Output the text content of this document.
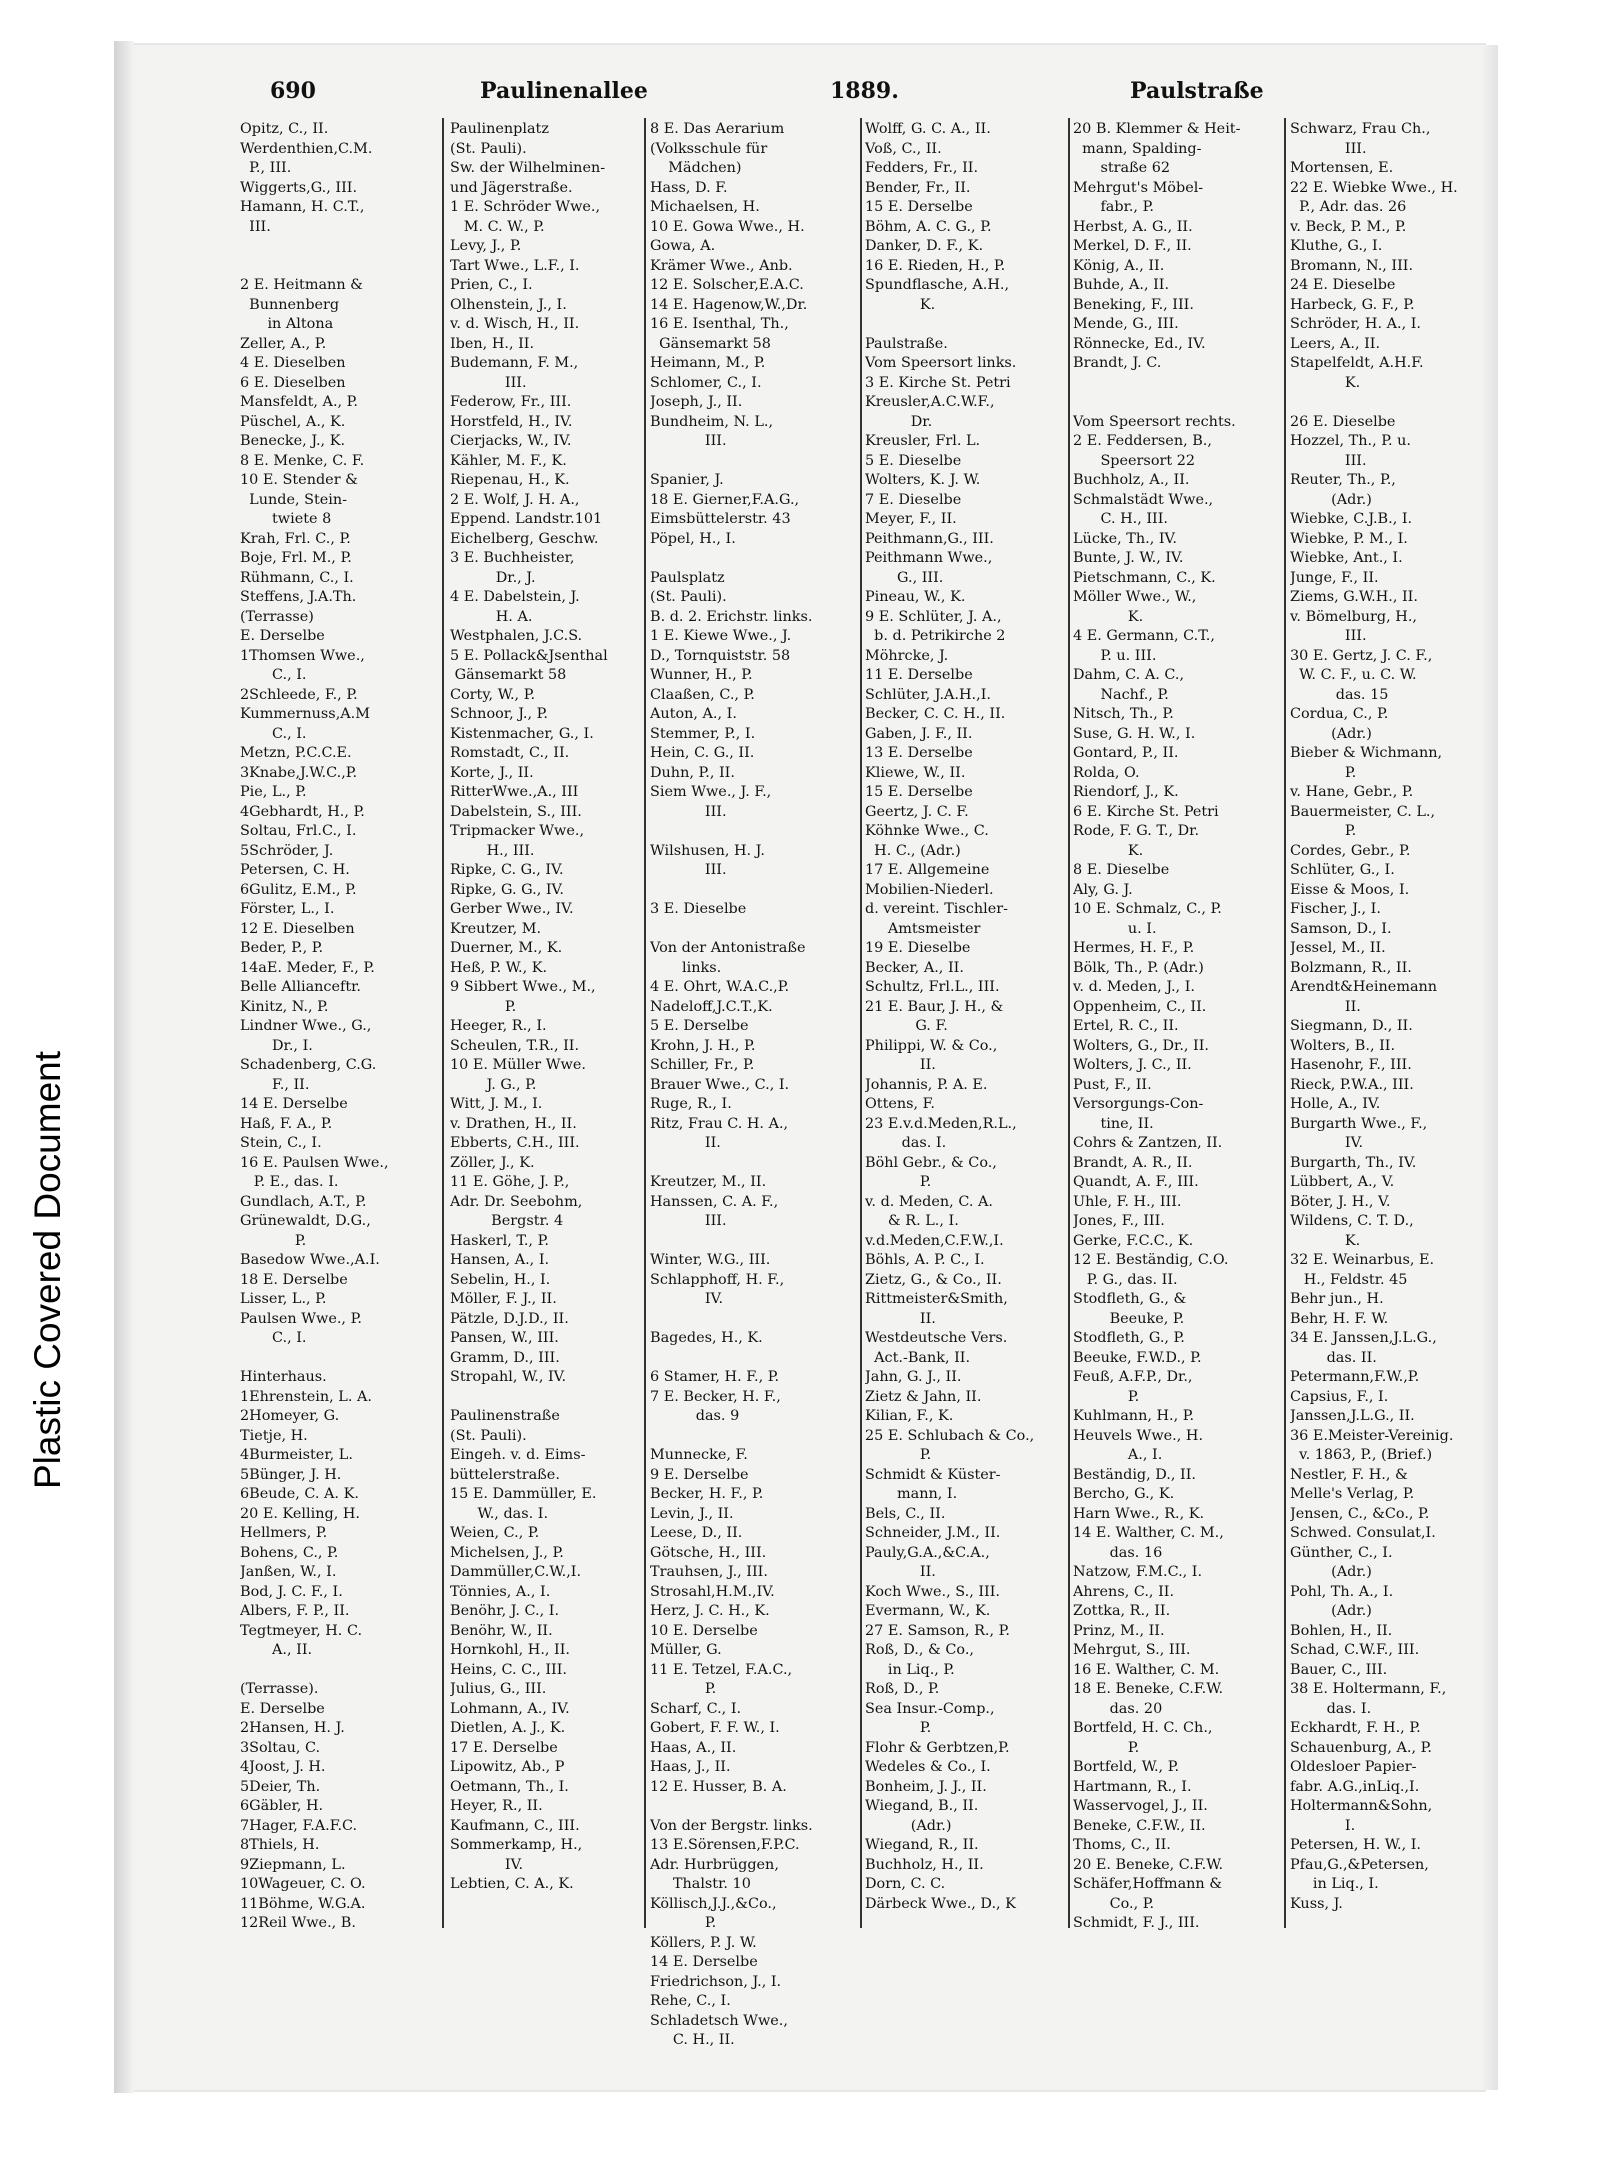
Plastic Covered Document
690	Paulinenallee	1889.	Paulstraße
Opitz, C., II.
Werdenthien,C.M.
P., III.
Wiggerts,G., III.
Hamann, H. C.T.,
III.
2 E. Heitmann &
Bunnenberg
in Altona
Zeller, A., P.
4 E. Dieselben
6 E. Dieselben
Mansfeldt, A., P.
Püschel, A., K.
Benecke, J., K.
8 E. Menke, C. F.
10 E. Stender &
Lunde, Stein-
twiete 8
Krah, Frl. C., P.
Boje, Frl. M., P.
Rühmann, C., I.
Steffens, J.A.Th.
(Terrasse)
E. Derselbe
1Thomsen Wwe.,
C., I.
2Schleede, F., P.
Kummernuss,A.M
C., I.
Metzn, P.C.C.E.
3Knabe,J.W.C.,P.
Pie, L., P.
4Gebhardt, H., P.
Soltau, Frl.C., I.
5Schröder, J.
Petersen, C. H.
6Gulitz, E.M., P.
Förster, L., I.
12 E. Dieselben
Beder, P., P.
14aE. Meder, F., P.
Belle Allianceftr.
Kinitz, N., P.
Lindner Wwe., G.,
Dr., I.
Schadenberg, C.G.
F., II.
14 E. Derselbe
Haß, F. A., P.
Stein, C., I.
16 E. Paulsen Wwe.,
P. E., das. I.
Gundlach, A.T., P.
Grünewaldt, D.G.,
P.
Basedow Wwe.,A.I.
18 E. Derselbe
Lisser, L., P.
Paulsen Wwe., P.
C., I.
Hinterhaus.
1Ehrenstein, L. A.
2Homeyer, G.
Tietje, H.
4Burmeister, L.
5Bünger, J. H.
6Beude, C. A. K.
20 E. Kelling, H.
Hellmers, P.
Bohens, C., P.
Janßen, W., I.
Bod, J. C. F., I.
Albers, F. P., II.
Tegtmeyer, H. C.
A., II.
(Terrasse).
E. Derselbe
2Hansen, H. J.
3Soltau, C.
4Joost, J. H.
5Deier, Th.
6Gäbler, H.
7Hager, F.A.F.C.
8Thiels, H.
9Ziepmann, L.
10Wageuer, C. O.
11Böhme, W.G.A.
12Reil Wwe., B.
Paulinenplatz
(St. Pauli).
Sw. der Wilhelminen-
und Jägerstraße.
1 E. Schröder Wwe.,
M. C. W., P.
Levy, J., P.
Tart Wwe., L.F., I.
Prien, C., I.
Olhenstein, J., I.
v. d. Wisch, H., II.
Iben, H., II.
Budemann, F. M.,
III.
Federow, Fr., III.
Horstfeld, H., IV.
Cierjacks, W., IV.
Kähler, M. F., K.
Riepenau, H., K.
2 E. Wolf, J. H. A.,
Eppend. Landstr.101
Eichelberg, Geschw.
3 E. Buchheister,
Dr., J.
4 E. Dabelstein, J.
H. A.
Westphalen, J.C.S.
5 E. Pollack&Jsenthal
Gänsemarkt 58
Corty, W., P.
Schnoor, J., P.
Kistenmacher, G., I.
Romstadt, C., II.
Korte, J., II.
RitterWwe.,A., III
Dabelstein, S., III.
Tripmacker Wwe.,
H., III.
Ripke, C. G., IV.
Ripke, G. G., IV.
Gerber Wwe., IV.
Kreutzer, M.
Duerner, M., K.
Heß, P. W., K.
9 Sibbert Wwe., M.,
P.
Heeger, R., I.
Scheulen, T.R., II.
10 E. Müller Wwe.
J. G., P.
Witt, J. M., I.
v. Drathen, H., II.
Ebberts, C.H., III.
Zöller, J., K.
11 E. Göhe, J. P.,
Adr. Dr. Seebohm,
Bergstr. 4
Haskerl, T., P.
Hansen, A., I.
Sebelin, H., I.
Möller, F. J., II.
Pätzle, D.J.D., II.
Pansen, W., III.
Gramm, D., III.
Stropahl, W., IV.
Paulinenstraße
(St. Pauli).
Eingeh. v. d. Eims-
büttelerstraße.
15 E. Dammüller, E.
W., das. I.
Weien, C., P.
Michelsen, J., P.
Dammüller,C.W.,I.
Tönnies, A., I.
Benöhr, J. C., I.
Benöhr, W., II.
Hornkohl, H., II.
Heins, C. C., III.
Julius, G., III.
Lohmann, A., IV.
Dietlen, A. J., K.
17 E. Derselbe
Lipowitz, Ab., P
Oetmann, Th., I.
Heyer, R., II.
Kaufmann, C., III.
Sommerkamp, H.,
IV.
Lebtien, C. A., K.
8 E. Das Aerarium
(Volksschule für
Mädchen)
Hass, D. F.
Michaelsen, H.
10 E. Gowa Wwe., H.
Gowa, A.
Krämer Wwe., Anb.
12 E. Solscher,E.A.C.
14 E. Hagenow,W.,Dr.
16 E. Isenthal, Th.,
Gänsemarkt 58
Heimann, M., P.
Schlomer, C., I.
Joseph, J., II.
Bundheim, N. L.,
III.
Spanier, J.
18 E. Gierner,F.A.G.,
Eimsbüttelerstr. 43
Pöpel, H., I.
Paulsplatz
(St. Pauli).
B. d. 2. Erichstr. links.
1 E. Kiewe Wwe., J.
D., Tornquiststr. 58
Wunner, H., P.
Claaßen, C., P.
Auton, A., I.
Stemmer, P., I.
Hein, C. G., II.
Duhn, P., II.
Siem Wwe., J. F.,
III.
Wilshusen, H. J.
III.
3 E. Dieselbe
Von der Antonistraße
links.
4 E. Ohrt, W.A.C.,P.
Nadeloff,J.C.T.,K.
5 E. Derselbe
Krohn, J. H., P.
Schiller, Fr., P.
Brauer Wwe., C., I.
Ruge, R., I.
Ritz, Frau C. H. A.,
II.
Kreutzer, M., II.
Hanssen, C. A. F.,
III.
Winter, W.G., III.
Schlapphoff, H. F.,
IV.
Bagedes, H., K.
6 Stamer, H. F., P.
7 E. Becker, H. F.,
das. 9
Munnecke, F.
9 E. Derselbe
Becker, H. F., P.
Levin, J., II.
Leese, D., II.
Götsche, H., III.
Trauhsen, J., III.
Strosahl,H.M.,IV.
Herz, J. C. H., K.
10 E. Derselbe
Müller, G.
11 E. Tetzel, F.A.C.,
P.
Scharf, C., I.
Gobert, F. F. W., I.
Haas, A., II.
Haas, J., II.
12 E. Husser, B. A.
Von der Bergstr. links.
13 E.Sörensen,F.P.C.
Adr. Hurbrüggen,
Thalstr. 10
Köllisch,J.J.,&Co.,
P.
Köllers, P. J. W.
14 E. Derselbe
Friedrichson, J., I.
Rehe, C., I.
Schladetsch Wwe.,
C. H., II.
Wolff, G. C. A., II.
Voß, C., II.
Fedders, Fr., II.
Bender, Fr., II.
15 E. Derselbe
Böhm, A. C. G., P.
Danker, D. F., K.
16 E. Rieden, H., P.
Spundflasche, A.H.,
K.
Paulstraße.
Vom Speersort links.
3 E. Kirche St. Petri
Kreusler,A.C.W.F.,
Dr.
Kreusler, Frl. L.
5 E. Dieselbe
Wolters, K. J. W.
7 E. Dieselbe
Meyer, F., II.
Peithmann,G., III.
Peithmann Wwe.,
G., III.
Pineau, W., K.
9 E. Schlüter, J. A.,
b. d. Petrikirche 2
Möhrcke, J.
11 E. Derselbe
Schlüter, J.A.H.,I.
Becker, C. C. H., II.
Gaben, J. F., II.
13 E. Derselbe
Kliewe, W., II.
15 E. Derselbe
Geertz, J. C. F.
Köhnke Wwe., C.
H. C., (Adr.)
17 E. Allgemeine
Mobilien-Niederl.
d. vereint. Tischler-
Amtsmeister
19 E. Dieselbe
Becker, A., II.
Schultz, Frl.L., III.
21 E. Baur, J. H., &
G. F.
Philippi, W. & Co.,
II.
Johannis, P. A. E.
Ottens, F.
23 E.v.d.Meden,R.L.,
das. I.
Böhl Gebr., & Co.,
P.
v. d. Meden, C. A.
& R. L., I.
v.d.Meden,C.F.W.,I.
Böhls, A. P. C., I.
Zietz, G., & Co., II.
Rittmeister&Smith,
II.
Westdeutsche Vers.
Act.-Bank, II.
Jahn, G. J., II.
Zietz & Jahn, II.
Kilian, F., K.
25 E. Schlubach & Co.,
P.
Schmidt & Küster-
mann, I.
Bels, C., II.
Schneider, J.M., II.
Pauly,G.A.,&C.A.,
II.
Koch Wwe., S., III.
Evermann, W., K.
27 E. Samson, R., P.
Roß, D., & Co.,
in Liq., P.
Roß, D., P.
Sea Insur.-Comp.,
P.
Flohr & Gerbtzen,P.
Wedeles & Co., I.
Bonheim, J. J., II.
Wiegand, B., II.
(Adr.)
Wiegand, R., II.
Buchholz, H., II.
Dorn, C. C.
Därbeck Wwe., D., K
20 B. Klemmer & Heit-
mann, Spalding-
straße 62
Mehrgut's Möbel-
fabr., P.
Herbst, A. G., II.
Merkel, D. F., II.
König, A., II.
Buhde, A., II.
Beneking, F., III.
Mende, G., III.
Rönnecke, Ed., IV.
Brandt, J. C.
Vom Speersort rechts.
2 E. Feddersen, B.,
Speersort 22
Buchholz, A., II.
Schmalstädt Wwe.,
C. H., III.
Lücke, Th., IV.
Bunte, J. W., IV.
Pietschmann, C., K.
Möller Wwe., W.,
K.
4 E. Germann, C.T.,
P. u. III.
Dahm, C. A. C.,
Nachf., P.
Nitsch, Th., P.
Suse, G. H. W., I.
Gontard, P., II.
Rolda, O.
Riendorf, J., K.
6 E. Kirche St. Petri
Rode, F. G. T., Dr.
K.
8 E. Dieselbe
Aly, G. J.
10 E. Schmalz, C., P.
u. I.
Hermes, H. F., P.
Bölk, Th., P. (Adr.)
v. d. Meden, J., I.
Oppenheim, C., II.
Ertel, R. C., II.
Wolters, G., Dr., II.
Wolters, J. C., II.
Pust, F., II.
Versorgungs-Con-
tine, II.
Cohrs & Zantzen, II.
Brandt, A. R., II.
Quandt, A. F., III.
Uhle, F. H., III.
Jones, F., III.
Gerke, F.C.C., K.
12 E. Beständig, C.O.
P. G., das. II.
Stodfleth, G., &
Beeuke, P.
Stodfleth, G., P.
Beeuke, F.W.D., P.
Feuß, A.F.P., Dr.,
P.
Kuhlmann, H., P.
Heuvels Wwe., H.
A., I.
Beständig, D., II.
Bercho, G., K.
Harn Wwe., R., K.
14 E. Walther, C. M.,
das. 16
Natzow, F.M.C., I.
Ahrens, C., II.
Zottka, R., II.
Prinz, M., II.
Mehrgut, S., III.
16 E. Walther, C. M.
18 E. Beneke, C.F.W.
das. 20
Bortfeld, H. C. Ch.,
P.
Bortfeld, W., P.
Hartmann, R., I.
Wasservogel, J., II.
Beneke, C.F.W., II.
Thoms, C., II.
20 E. Beneke, C.F.W.
Schäfer,Hoffmann &
Co., P.
Schmidt, F. J., III.
Schwarz, Frau Ch.,
III.
Mortensen, E.
22 E. Wiebke Wwe., H.
P., Adr. das. 26
v. Beck, P. M., P.
Kluthe, G., I.
Bromann, N., III.
24 E. Dieselbe
Harbeck, G. F., P.
Schröder, H. A., I.
Leers, A., II.
Stapelfeldt, A.H.F.
K.
26 E. Dieselbe
Hozzel, Th., P. u.
III.
Reuter, Th., P.,
(Adr.)
Wiebke, C.J.B., I.
Wiebke, P. M., I.
Wiebke, Ant., I.
Junge, F., II.
Ziems, G.W.H., II.
v. Bömelburg, H.,
III.
30 E. Gertz, J. C. F.,
W. C. F., u. C. W.
das. 15
Cordua, C., P.
(Adr.)
Bieber & Wichmann,
P.
v. Hane, Gebr., P.
Bauermeister, C. L.,
P.
Cordes, Gebr., P.
Schlüter, G., I.
Eisse & Moos, I.
Fischer, J., I.
Samson, D., I.
Jessel, M., II.
Bolzmann, R., II.
Arendt&Heinemann
II.
Siegmann, D., II.
Wolters, B., II.
Hasenohr, F., III.
Rieck, P.W.A., III.
Holle, A., IV.
Burgarth Wwe., F.,
IV.
Burgarth, Th., IV.
Lübbert, A., V.
Böter, J. H., V.
Wildens, C. T. D.,
K.
32 E. Weinarbus, E.
H., Feldstr. 45
Behr jun., H.
Behr, H. F. W.
34 E. Janssen,J.L.G.,
das. II.
Petermann,F.W.,P.
Capsius, F., I.
Janssen,J.L.G., II.
36 E.Meister-Vereinig.
v. 1863, P., (Brief.)
Nestler, F. H., &
Melle's Verlag, P.
Jensen, C., &Co., P.
Schwed. Consulat,I.
Günther, C., I.
(Adr.)
Pohl, Th. A., I.
(Adr.)
Bohlen, H., II.
Schad, C.W.F., III.
Bauer, C., III.
38 E. Holtermann, F.,
das. I.
Eckhardt, F. H., P.
Schauenburg, A., P.
Oldesloer Papier-
fabr. A.G.,inLiq.,I.
Holtermann&Sohn,
I.
Petersen, H. W., I.
Pfau,G.,&Petersen,
in Liq., I.
Kuss, J.
